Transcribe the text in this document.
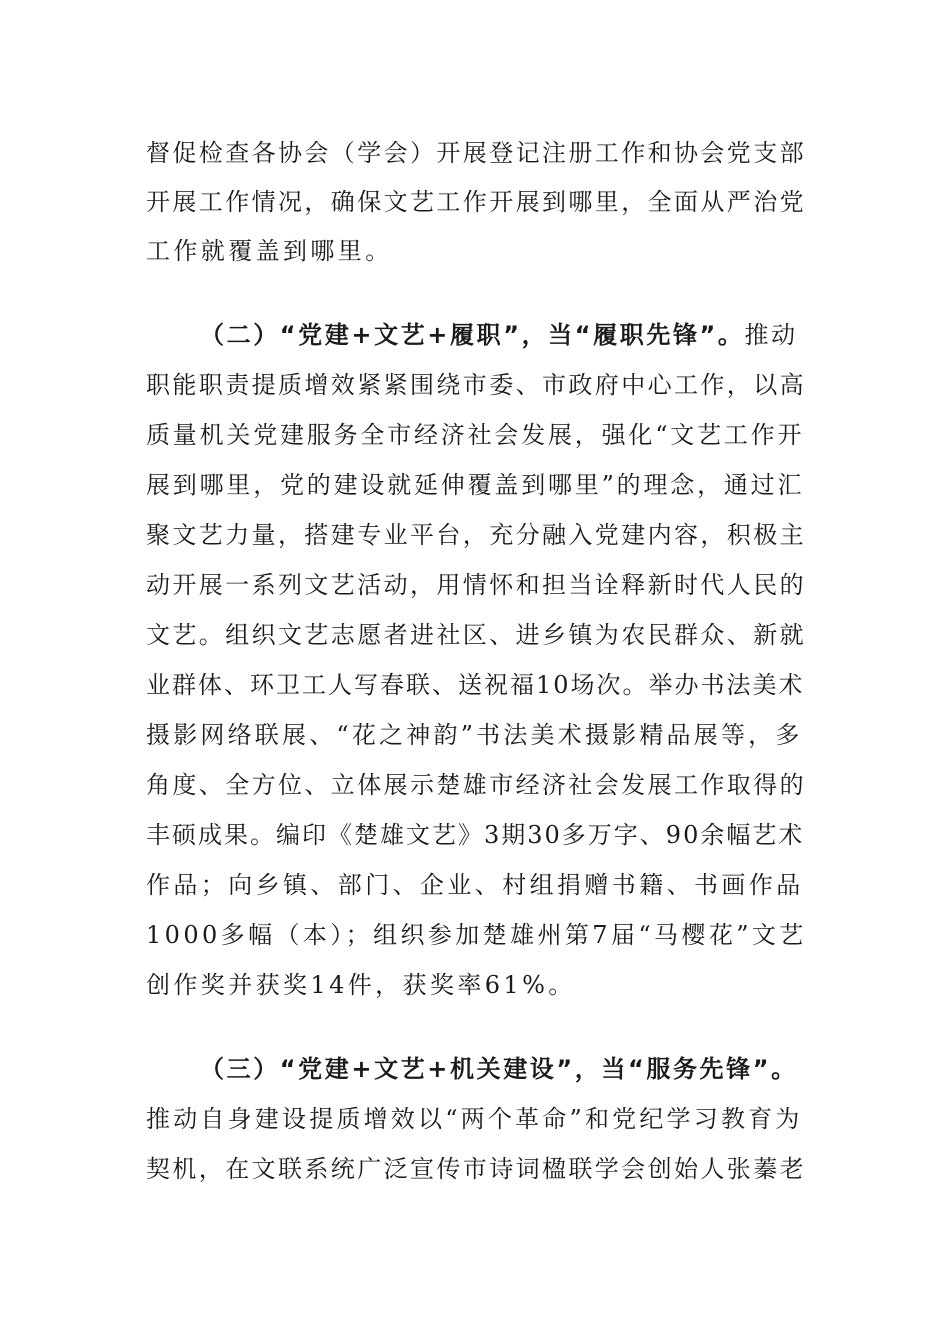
督促检查各协会（学会）开展登记注册工作和协会党支部
开展工作情况，确保文艺工作开展到哪里，全面从严治党
工作就覆盖到哪里。
（二）“党建+文艺+履职”，当“履职先锋”。推动
职能职责提质增效紧紧围绕市委、市政府中心工作，以高
质量机关党建服务全市经济社会发展，强化“文艺工作开
展到哪里，党的建设就延伸覆盖到哪里”的理念，通过汇
聚文艺力量，搭建专业平台，充分融入党建内容，积极主
动开展一系列文艺活动，用情怀和担当诠释新时代人民的
文艺。组织文艺志愿者进社区、进乡镇为农民群众、新就
业群体、环卫工人写春联、送祝福10场次。举办书法美术
摄影网络联展、“花之神韵”书法美术摄影精品展等，多
角度、全方位、立体展示楚雄市经济社会发展工作取得的
丰硕成果。编印《楚雄文艺》3期30多万字、90余幅艺术
作品；向乡镇、部门、企业、村组捐赠书籍、书画作品
1000多幅（本）；组织参加楚雄州第7届“马樱花”文艺
创作奖并获奖14件，获奖率61%。
（三）“党建+文艺+机关建设”，当“服务先锋”。
推动自身建设提质增效以“两个革命”和党纪学习教育为
契机，在文联系统广泛宣传市诗词楹联学会创始人张蓁老
